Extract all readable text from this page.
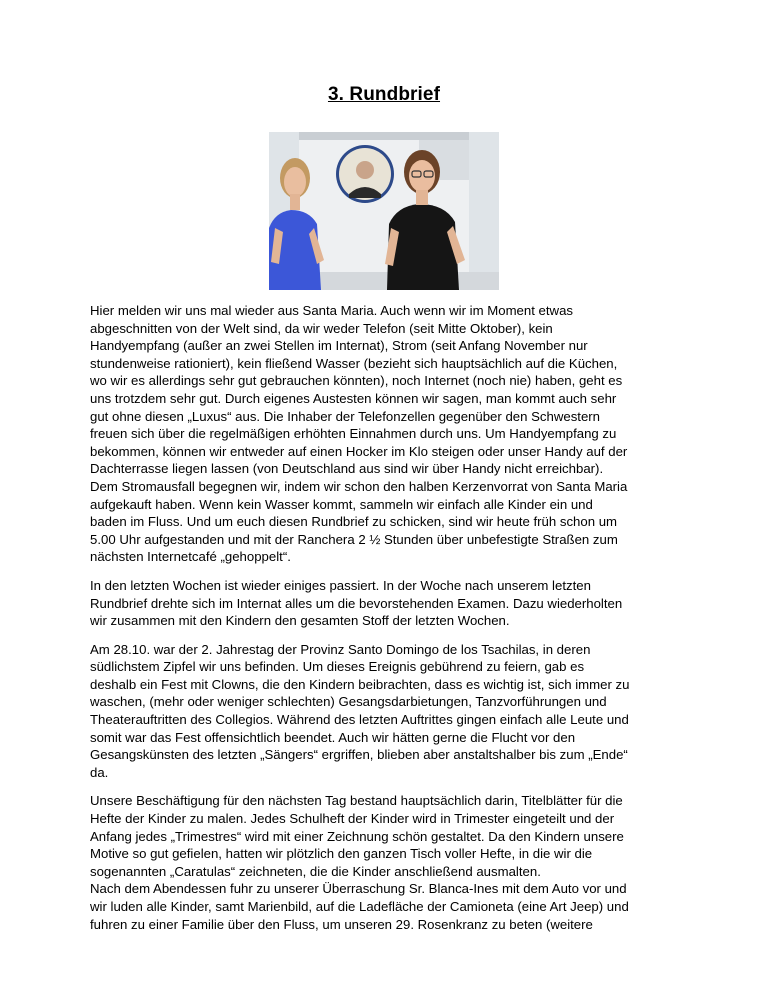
3. Rundbrief

Hier melden wir uns mal wieder aus Santa Maria. Auch wenn wir im Moment etwas
abgeschnitten von der Welt sind, da wir weder Telefon (seit Mitte Oktober), kein
Handyempfang (außer an zwei Stellen im Internat), Strom (seit Anfang November nur
stundenweise rationiert), kein fließend Wasser (bezieht sich hauptsächlich auf die Küchen,
wo wir es allerdings sehr gut gebrauchen könnten), noch Internet (noch nie) haben, geht es
uns trotzdem sehr gut. Durch eigenes Austesten können wir sagen, man kommt auch sehr
gut ohne diesen „Luxus“ aus. Die Inhaber der Telefonzellen gegenüber den Schwestern
freuen sich über die regelmäßigen erhöhten Einnahmen durch uns. Um Handyempfang zu
bekommen, können wir entweder auf einen Hocker im Klo steigen oder unser Handy auf der
Dachterrasse liegen lassen (von Deutschland aus sind wir über Handy nicht erreichbar).
Dem Stromausfall begegnen wir, indem wir schon den halben Kerzenvorrat von Santa Maria
aufgekauft haben. Wenn kein Wasser kommt, sammeln wir einfach alle Kinder ein und
baden im Fluss. Und um euch diesen Rundbrief zu schicken, sind wir heute früh schon um
5.00 Uhr aufgestanden und mit der Ranchera 2 ½ Stunden über unbefestigte Straßen zum
nächsten Internetcafé „gehoppelt“.

In den letzten Wochen ist wieder einiges passiert. In der Woche nach unserem letzten
Rundbrief drehte sich im Internat alles um die bevorstehenden Examen. Dazu wiederholten
wir zusammen mit den Kindern den gesamten Stoff der letzten Wochen.

Am 28.10. war der 2. Jahrestag der Provinz Santo Domingo de los Tsachilas, in deren
südlichstem Zipfel wir uns befinden. Um dieses Ereignis gebührend zu feiern, gab es
deshalb ein Fest mit Clowns, die den Kindern beibrachten, dass es wichtig ist, sich immer zu
waschen, (mehr oder weniger schlechten) Gesangsdarbietungen, Tanzvorführungen und
Theaterauftritten des Collegios. Während des letzten Auftrittes gingen einfach alle Leute und
somit war das Fest offensichtlich beendet. Auch wir hätten gerne die Flucht vor den
Gesangskünsten des letzten „Sängers“ ergriffen, blieben aber anstaltshalber bis zum „Ende“
da.

Unsere Beschäftigung für den nächsten Tag bestand hauptsächlich darin, Titelblätter für die
Hefte der Kinder zu malen. Jedes Schulheft der Kinder wird in Trimester eingeteilt und der
Anfang jedes „Trimestres“ wird mit einer Zeichnung schön gestaltet. Da den Kindern unsere
Motive so gut gefielen, hatten wir plötzlich den ganzen Tisch voller Hefte, in die wir die
sogenannten „Caratulas“ zeichneten, die die Kinder anschließend ausmalten.
Nach dem Abendessen fuhr zu unserer Überraschung Sr. Blanca-Ines mit dem Auto vor und
wir luden alle Kinder, samt Marienbild, auf die Ladefläche der Camioneta (eine Art Jeep) und
fuhren zu einer Familie über den Fluss, um unseren 29. Rosenkranz zu beten (weitere
